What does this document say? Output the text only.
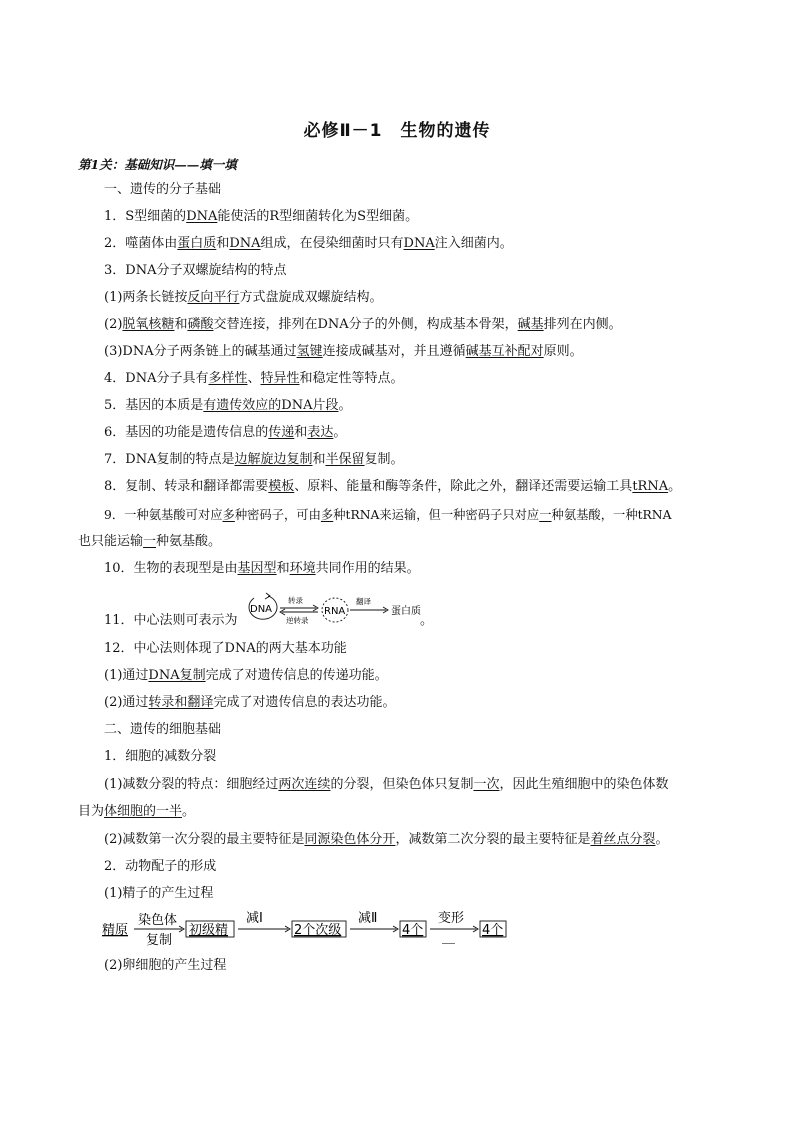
必修Ⅱ－1　生物的遗传
第1关：基础知识——填一填
一、遗传的分子基础
1．S型细菌的DNA能使活的R型细菌转化为S型细菌。
2．噬菌体由蛋白质和DNA组成，在侵染细菌时只有DNA注入细菌内。
3．DNA分子双螺旋结构的特点
(1)两条长链按反向平行方式盘旋成双螺旋结构。
(2)脱氧核糖和磷酸交替连接，排列在DNA分子的外侧，构成基本骨架，碱基排列在内侧。
(3)DNA分子两条链上的碱基通过氢键连接成碱基对，并且遵循碱基互补配对原则。
4．DNA分子具有多样性、特异性和稳定性等特点。
5．基因的本质是有遗传效应的DNA片段。
6．基因的功能是遗传信息的传递和表达。
7．DNA复制的特点是边解旋边复制和半保留复制。
8．复制、转录和翻译都需要模板、原料、能量和酶等条件，除此之外，翻译还需要运输工具tRNA。
9．一种氨基酸可对应多种密码子，可由多种tRNA来运输，但一种密码子只对应一种氨基酸，一种tRNA
也只能运输一种氨基酸。
10．生物的表现型是由基因型和环境共同作用的结果。
11．中心法则可表示为
DNA
转录
逆转录
RNA
翻译
蛋白质
。
12．中心法则体现了DNA的两大基本功能
(1)通过DNA复制完成了对遗传信息的传递功能。
(2)通过转录和翻译完成了对遗传信息的表达功能。
二、遗传的细胞基础
1．细胞的减数分裂
(1)减数分裂的特点：细胞经过两次连续的分裂，但染色体只复制一次，因此生殖细胞中的染色体数
目为体细胞的一半。
(2)减数第一次分裂的最主要特征是同源染色体分开，减数第二次分裂的最主要特征是着丝点分裂。
2．动物配子的形成
(1)精子的产生过程
精原
染色体
复制
初级精
减Ⅰ
2个次级
减Ⅱ
4个
变形
＿
4个
(2)卵细胞的产生过程
